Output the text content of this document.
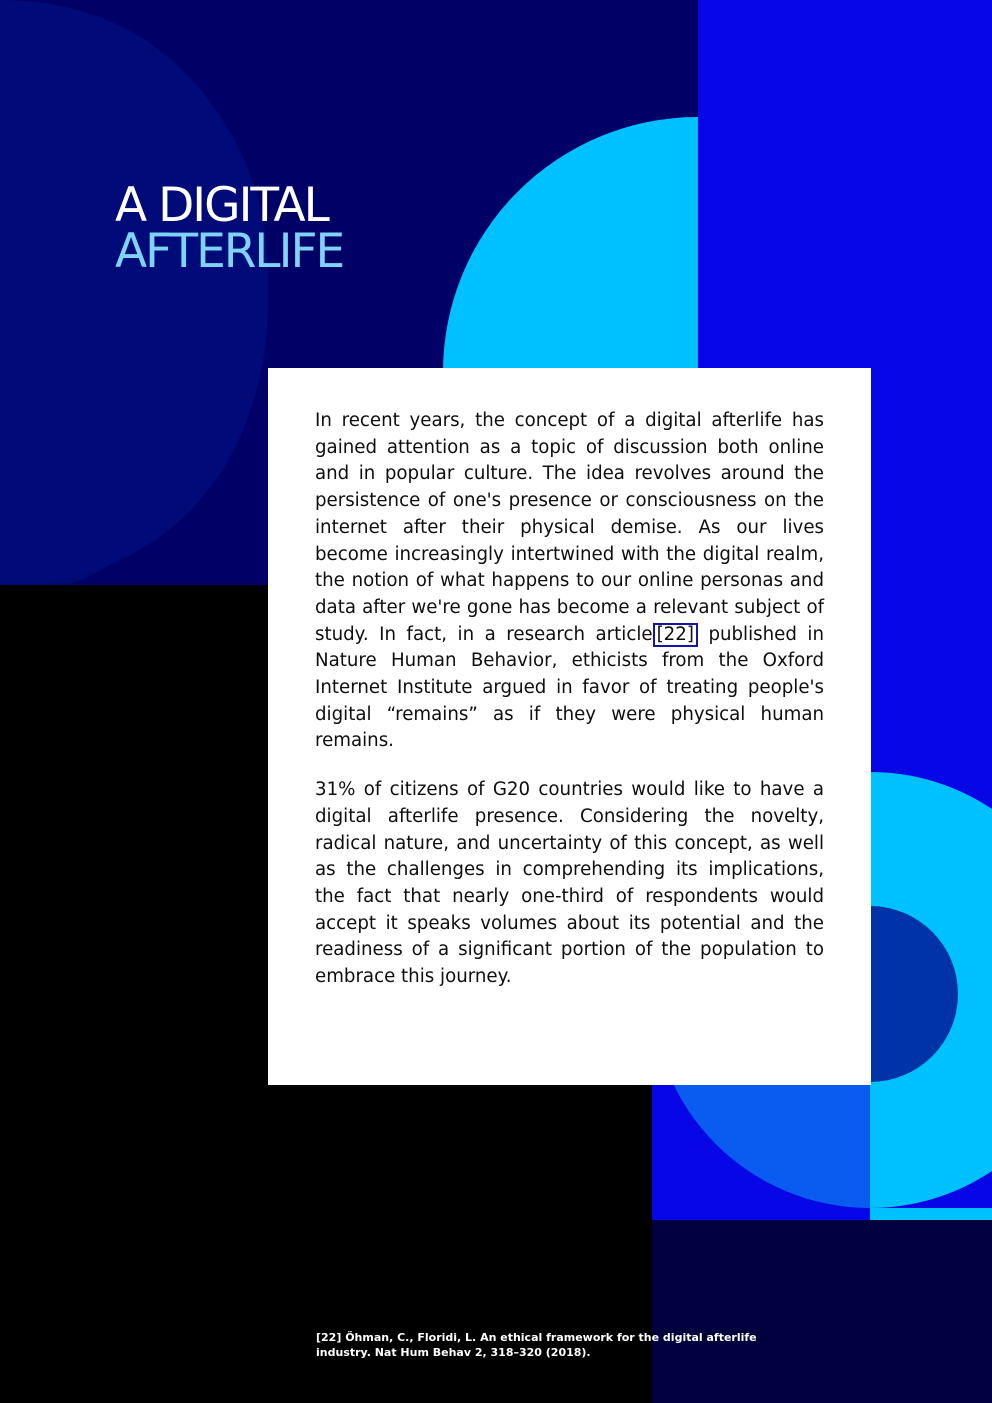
A DIGITAL
AFTERLIFE

In recent years, the concept of a digital afterlife has gained attention as a topic of discussion both online and in popular culture. The idea revolves around the persistence of one's presence or consciousness on the internet after their physical demise. As our lives become increasingly intertwined with the digital realm, the notion of what happens to our online personas and data after we're gone has become a relevant subject of study. In fact, in a research article [22] published in Nature Human Behavior, ethicists from the Oxford Internet Institute argued in favor of treating people's digital “remains” as if they were physical human remains.

31% of citizens of G20 countries would like to have a digital afterlife presence. Considering the novelty, radical nature, and uncertainty of this concept, as well as the challenges in comprehending its implications, the fact that nearly one-third of respondents would accept it speaks volumes about its potential and the readiness of a significant portion of the population to embrace this journey.

[22] Öhman, C., Floridi, L. An ethical framework for the digital afterlife industry. Nat Hum Behav 2, 318–320 (2018).
